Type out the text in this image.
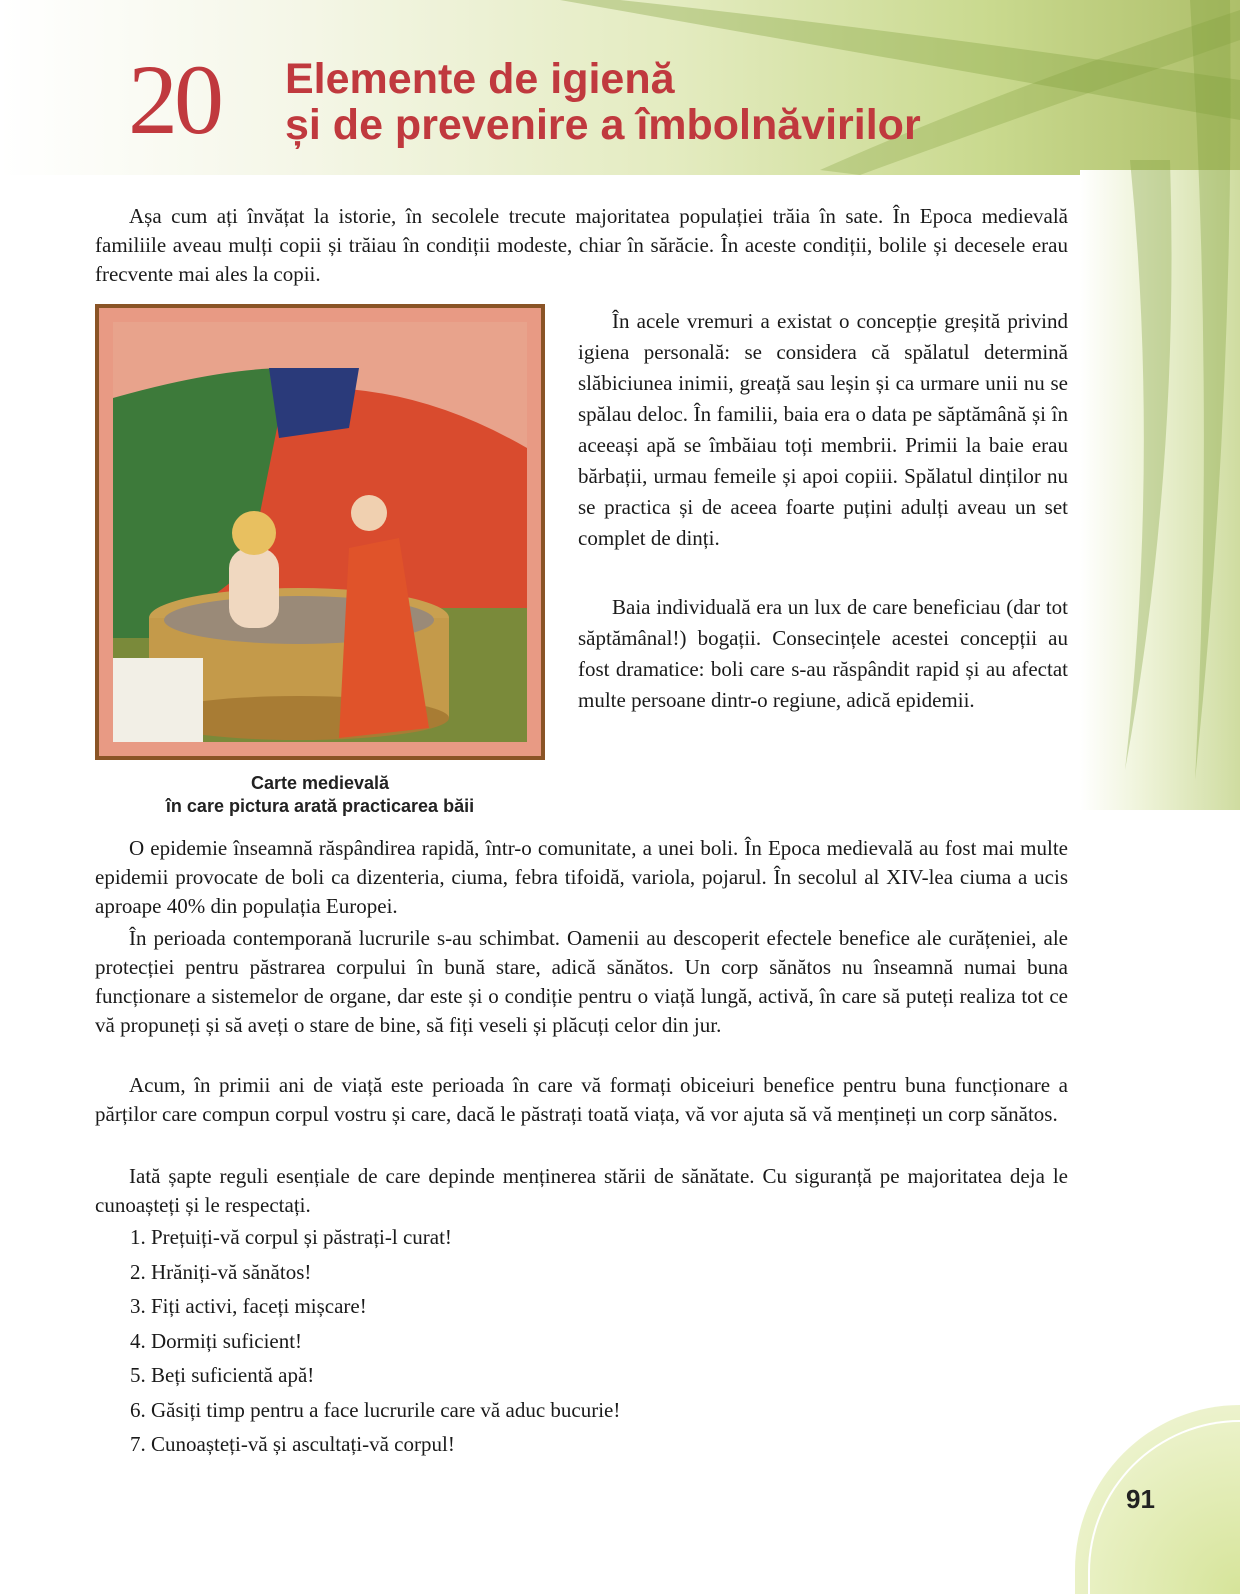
20 Elemente de igienă
și de prevenire a îmbolnăvirilor

Așa cum ați învățat la istorie, în secolele trecute majoritatea populației trăia în sate. În Epoca medievală familiile aveau mulți copii și trăiau în condiții modeste, chiar în sărăcie. În aceste condiții, bolile și decesele erau frecvente mai ales la copii.

Carte medievală
în care pictura arată practicarea băii

În acele vremuri a existat o concepție greșită privind igiena personală: se considera că spălatul determină slăbiciunea inimii, greață sau leșin și ca urmare unii nu se spălau deloc. În familii, baia era o data pe săptămână și în aceeași apă se îmbăiau toți membrii. Primii la baie erau bărbații, urmau femeile și apoi copiii. Spălatul dinților nu se practica și de aceea foarte puțini adulți aveau un set complet de dinți.

Baia individuală era un lux de care beneficiau (dar tot săptămânal!) bogații. Consecințele acestei concepții au fost dramatice: boli care s-au răspândit rapid și au afectat multe persoane dintr-o regiune, adică epidemii.

O epidemie înseamnă răspândirea rapidă, într-o comunitate, a unei boli. În Epoca medievală au fost mai multe epidemii provocate de boli ca dizenteria, ciuma, febra tifoidă, variola, pojarul. În secolul al XIV-lea ciuma a ucis aproape 40% din populația Europei.

În perioada contemporană lucrurile s-au schimbat. Oamenii au descoperit efectele benefice ale curățeniei, ale protecției pentru păstrarea corpului în bună stare, adică sănătos. Un corp sănătos nu înseamnă numai buna funcționare a sistemelor de organe, dar este și o condiție pentru o viață lungă, activă, în care să puteți realiza tot ce vă propuneți și să aveți o stare de bine, să fiți veseli și plăcuți celor din jur.

Acum, în primii ani de viață este perioada în care vă formați obiceiuri benefice pentru buna funcționare a părților care compun corpul vostru și care, dacă le păstrați toată viața, vă vor ajuta să vă mențineți un corp sănătos.

Iată șapte reguli esențiale de care depinde menținerea stării de sănătate. Cu siguranță pe majoritatea deja le cunoaștеți și le respectați.

1. Prețuiți-vă corpul și păstrați-l curat!
2. Hrăniți-vă sănătos!
3. Fiți activi, faceți mișcare!
4. Dormiți suficient!
5. Beți suficientă apă!
6. Găsiți timp pentru a face lucrurile care vă aduc bucurie!
7. Cunoașteți-vă și ascultați-vă corpul!
91
